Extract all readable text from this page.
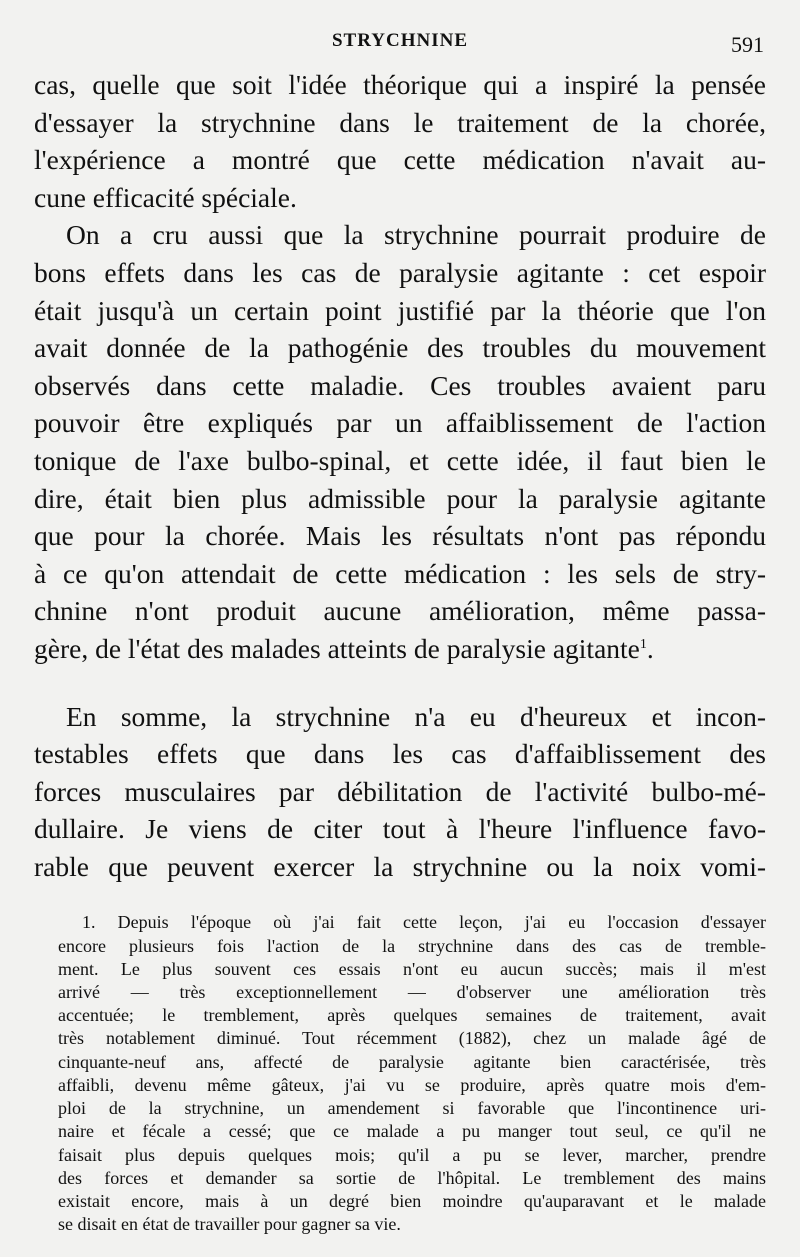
STRYCHNINE	591
cas, quelle que soit l'idée théorique qui a inspiré la pensée
d'essayer la strychnine dans le traitement de la chorée,
l'expérience a montré que cette médication n'avait au-
cune efficacité spéciale.
On a cru aussi que la strychnine pourrait produire de
bons effets dans les cas de paralysie agitante : cet espoir
était jusqu'à un certain point justifié par la théorie que l'on
avait donnée de la pathogénie des troubles du mouvement
observés dans cette maladie. Ces troubles avaient paru
pouvoir être expliqués par un affaiblissement de l'action
tonique de l'axe bulbo-spinal, et cette idée, il faut bien le
dire, était bien plus admissible pour la paralysie agitante
que pour la chorée. Mais les résultats n'ont pas répondu
à ce qu'on attendait de cette médication : les sels de stry-
chnine n'ont produit aucune amélioration, même passa-
gère, de l'état des malades atteints de paralysie agitante$^1$.
En somme, la strychnine n'a eu d'heureux et incon-
testables effets que dans les cas d'affaiblissement des
forces musculaires par débilitation de l'activité bulbo-mé-
dullaire. Je viens de citer tout à l'heure l'influence favo-
rable que peuvent exercer la strychnine ou la noix vomi-
1. Depuis l'époque où j'ai fait cette leçon, j'ai eu l'occasion d'essayer
encore plusieurs fois l'action de la strychnine dans des cas de tremble-
ment. Le plus souvent ces essais n'ont eu aucun succès; mais il m'est
arrivé — très exceptionnellement — d'observer une amélioration très
accentuée; le tremblement, après quelques semaines de traitement, avait
très notablement diminué. Tout récemment (1882), chez un malade âgé de
cinquante-neuf ans, affecté de paralysie agitante bien caractérisée, très
affaibli, devenu même gâteux, j'ai vu se produire, après quatre mois d'em-
ploi de la strychnine, un amendement si favorable que l'incontinence uri-
naire et fécale a cessé; que ce malade a pu manger tout seul, ce qu'il ne
faisait plus depuis quelques mois; qu'il a pu se lever, marcher, prendre
des forces et demander sa sortie de l'hôpital. Le tremblement des mains
existait encore, mais à un degré bien moindre qu'auparavant et le malade
se disait en état de travailler pour gagner sa vie.
